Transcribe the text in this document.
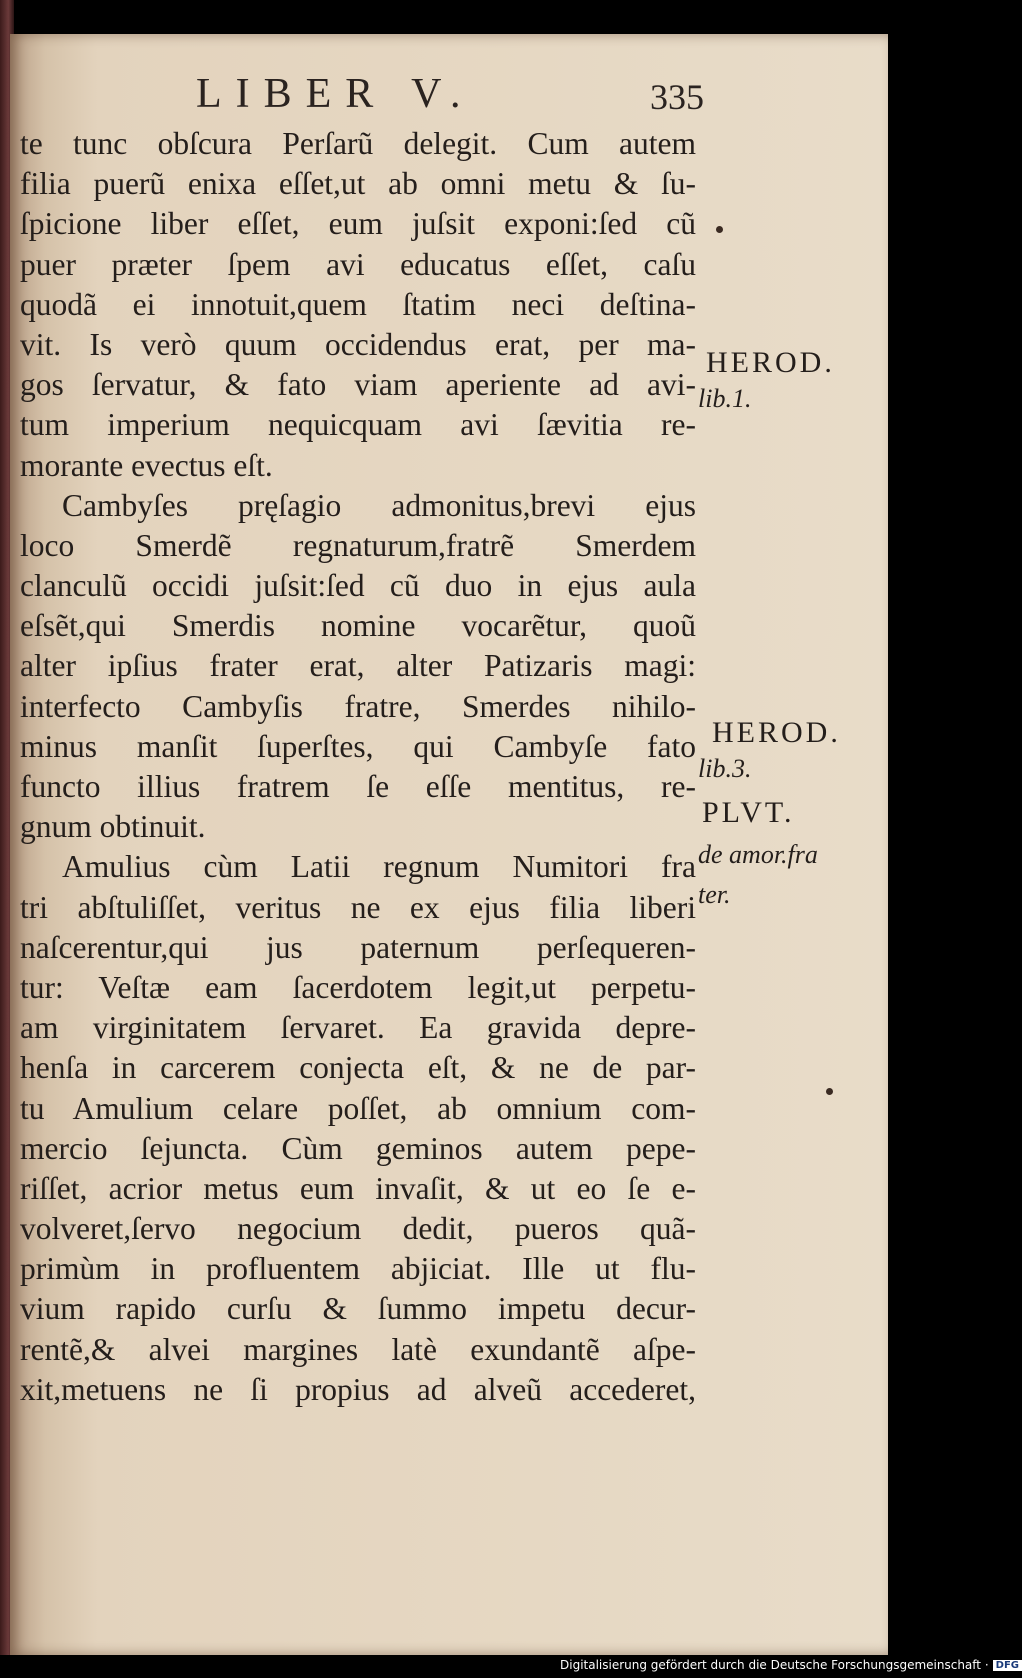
LIBER V.	335
te tunc obſcura Perſarũ delegit. Cum autem
filia puerũ enixa eſſet,ut ab omni metu & ſu-
ſpicione liber eſſet, eum juſsit exponi:ſed cũ
puer præter ſpem avi educatus eſſet, caſu
quodã ei innotuit,quem ſtatim neci deſtina-
vit. Is verò quum occidendus erat, per ma-
gos ſervatur, & fato viam aperiente ad avi-
tum imperium nequicquam avi ſævitia re-
morante evectus eſt.
Cambyſes pręſagio admonitus,brevi ejus
loco Smerdẽ regnaturum,fratrẽ Smerdem
clanculũ occidi juſsit:ſed cũ duo in ejus aula
eſsẽt,qui Smerdis nomine vocarẽtur, quoũ
alter ipſius frater erat, alter Patizaris magi:
interfecto Cambyſis fratre, Smerdes nihilo-
minus manſit ſuperſtes, qui Cambyſe fato
functo illius fratrem ſe eſſe mentitus, re-
gnum obtinuit.
Amulius cùm Latii regnum Numitori fra
tri abſtuliſſet, veritus ne ex ejus filia liberi
naſcerentur,qui jus paternum perſequeren-
tur: Veſtæ eam ſacerdotem legit,ut perpetu-
am virginitatem ſervaret. Ea gravida depre-
henſa in carcerem conjecta eſt, & ne de par-
tu Amulium celare poſſet, ab omnium com-
mercio ſejuncta. Cùm geminos autem pepe-
riſſet, acrior metus eum invaſit, & ut eo ſe e-
volveret,ſervo negocium dedit, pueros quã-
primùm in profluentem abjiciat. Ille ut flu-
vium rapido curſu & ſummo impetu decur-
rentẽ,& alvei margines latè exundantẽ aſpe-
xit,metuens ne ſi propius ad alveũ accederet,
HEROD.
lib.1.
HEROD.
lib.3.
PLVT.
de amor.fra
ter.
Digitalisierung gefördert durch die Deutsche Forschungsgemeinschaft · DFG
